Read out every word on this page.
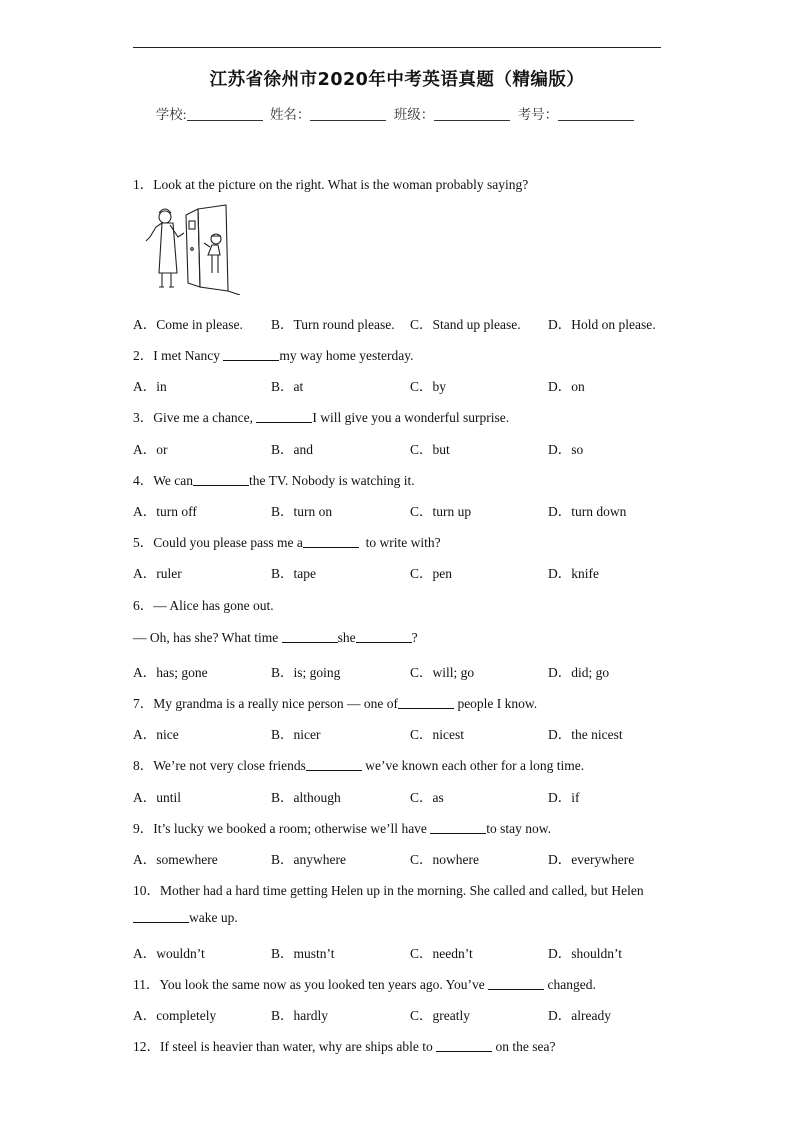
江苏省徐州市2020年中考英语真题（精编版）
学校:	姓名：	班级：	考号：
1．Look at the picture on the right. What is the woman probably saying?
A．Come in please. B．Turn round please. C．Stand up please. D．Hold on please.
2．I met Nancy	my way home yesterday.
A．in	B．at	C．by	D．on
3．Give me a chance,	I will give you a wonderful surprise.
A．or	B．and	C．but	D．so
4．We can	the TV. Nobody is watching it.
A．turn off	B．turn on	C．turn up	D．turn down
5．Could you please pass me a	to write with?
A．ruler	B．tape	C．pen	D．knife
6．— Alice has gone out.
— Oh, has she? What time	she	?
A．has; gone	B．is; going	C．will; go	D．did; go
7．My grandma is a really nice person — one of	people I know.
A．nice	B．nicer	C．nicest	D．the nicest
8．We’re not very close friends	we’ve known each other for a long time.
A．until	B．although	C．as	D．if
9．It’s lucky we booked a room; otherwise we’ll have	to stay now.
A．somewhere	B．anywhere	C．nowhere	D．everywhere
10．Mother had a hard time getting Helen up in the morning. She called and called, but Helen
wake up.
A．wouldn’t	B．mustn’t	C．needn’t	D．shouldn’t
11．You look the same now as you looked ten years ago. You’ve	changed.
A．completely	B．hardly	C．greatly	D．already
12．If steel is heavier than water, why are ships able to	on the sea?
